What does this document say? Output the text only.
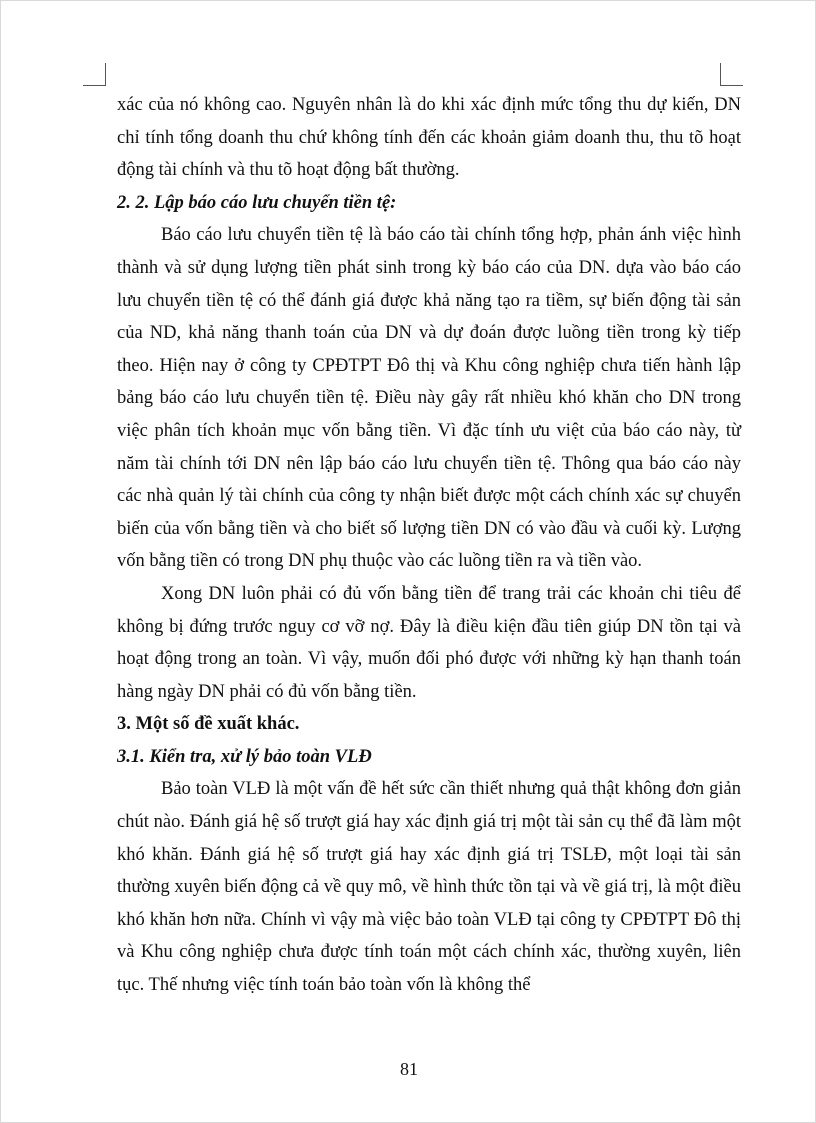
xác của nó không cao. Nguyên nhân là do khi xác định mức tổng thu dự kiến, DN chỉ tính tổng doanh thu chứ không tính đến các khoản giảm doanh thu, thu tõ hoạt động tài chính và thu tõ hoạt động bất thường.

2. 2. Lập báo cáo lưu chuyển tiền tệ:

Báo cáo lưu chuyển tiền tệ là báo cáo tài chính tổng hợp, phản ánh việc hình thành và sử dụng lượng tiền phát sinh trong kỳ báo cáo của DN. dựa vào báo cáo lưu chuyển tiền tệ có thể đánh giá được khả năng tạo ra tiềm, sự biến động tài sản của ND, khả năng thanh toán của DN và dự đoán được luồng tiền trong kỳ tiếp theo. Hiện nay ở công ty CPĐTPT Đô thị và Khu công nghiệp chưa tiến hành lập bảng báo cáo lưu chuyển tiền tệ. Điều này gây rất nhiều khó khăn cho DN trong việc phân tích khoản mục vốn bằng tiền. Vì đặc tính ưu việt của báo cáo này, từ năm tài chính tới DN nên lập báo cáo lưu chuyển tiền tệ. Thông qua báo cáo này các nhà quản lý tài chính của công ty nhận biết được một cách chính xác sự chuyển biến của vốn bằng tiền và cho biết số lượng tiền DN có vào đầu và cuối kỳ. Lượng vốn bằng tiền có trong DN phụ thuộc vào các luồng tiền ra và tiền vào.

Xong DN luôn phải có đủ vốn bằng tiền để trang trải các khoản chi tiêu để không bị đứng trước nguy cơ vỡ nợ. Đây là điều kiện đầu tiên giúp DN tồn tại và hoạt động trong an toàn. Vì vậy, muốn đối phó được với những kỳ hạn thanh toán hàng ngày DN phải có đủ vốn bằng tiền.

3. Một số đề xuất khác.

3.1. Kiển tra, xử lý bảo toàn VLĐ

Bảo toàn VLĐ là một vấn đề hết sức cần thiết nhưng quả thật không đơn giản chút nào. Đánh giá hệ số trượt giá hay xác định giá trị một tài sản cụ thể đã làm một khó khăn. Đánh giá hệ số trượt giá hay xác định giá trị TSLĐ, một loại tài sản thường xuyên biến động cả về quy mô, về hình thức tồn tại và về giá trị, là một điều khó khăn hơn nữa. Chính vì vậy mà việc bảo toàn VLĐ tại công ty CPĐTPT Đô thị và Khu công nghiệp chưa được tính toán một cách chính xác, thường xuyên, liên tục. Thế nhưng việc tính toán bảo toàn vốn là không thể

81
